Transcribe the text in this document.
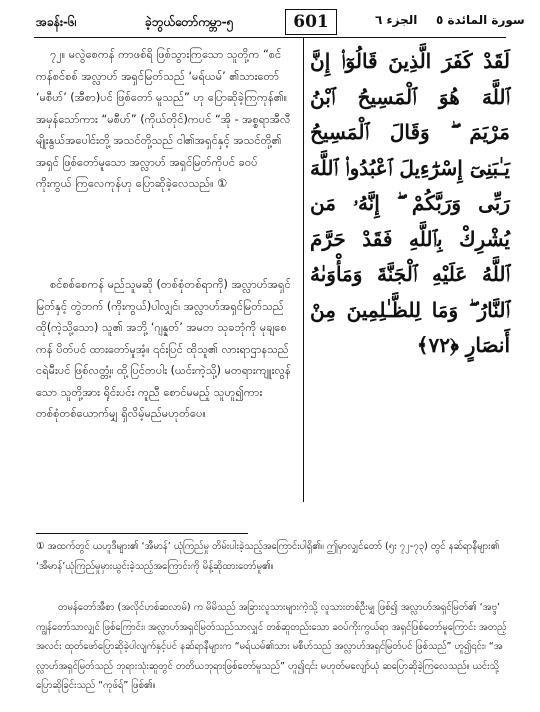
အခန်း-၆၊	ခဲ့ဘွယ်တော်ကမ္ဘာ-၅	601	الجزء ٦ سورة المائدة ٥
၇၂။ မလွဲစေကန် ကာဖစ်ရိ ဖြစ်သွားကြသော သူတို့က “စင်ကန်စင်စစ် အလ္လာဟ် အရှင်မြတ်သည် ‘မရ်ယမ်’ ၏သားတော် ‘မစီဟ်’ (အီစာ)ပင် ဖြစ်တော် မူသည်” ဟု ပြောဆိုခဲ့ကြကုန်၏။ အမှန်သော်ကား “မစီဟ်” (ကိုယ်တိုင်)ကပင် “အို - အစ္စရာအီလီ မျိုးနွယ်အပေါင်းတို့ အသင်တို့သည် ငါ၏အရှင်နှင့် အသင်တို့၏ အရှင် ဖြစ်တော်မူသော အလ္လာဟ် အရှင်မြတ်ကိုပင် ခဝပ်ကိုးကွယ် ကြလေကုန်ဟု ပြောဆိုခဲ့လေသည်။ ①
စင်စစ်စေကန် မည်သူမဆို (တစ်စုံတစ်ရာကို) အလ္လာဟ်အရှင်မြတ်နှင့် တွဲဘက် (ကိုးကွယ်)ပါလျှင်၊ အလ္လာဟ်အရှင်မြတ်သည် ထို(ကဲ့သို့သော) သူ၏ အဘို့ ‘ဂျန္နတ်’ အမတ သုခဘုံကို မုချစေကန် ပိတ်ပင် ထားတော်မူအံ့။ ၎င်းပြင် ထိုသူ၏ လားရာဌာနသည် ငရဲမီးပင် ဖြစ်လတ္တံ့။ ထို့ပြင်တပါး (ယင်းကဲ့သို့) မတရားကျူးလွန်သော သူတို့အား ရိုင်းပင်း ကူညီ စောင်မမည့် သူဟူ၍ကား တစ်စုံတစ်ယောက်မျှ ရှိလိမ့်မည်မဟုတ်ပေ။
لَقَدْ كَفَرَ الَّذِينَ قَالُوٓا۟ إِنَّ ٱللَّهَ هُوَ ٱلْمَسِيحُ ٱبْنُ مَرْيَمَ ۖ وَقَالَ ٱلْمَسِيحُ يَـٰبَنِىٓ إِسْرَٰٓءِيلَ ٱعْبُدُوا۟ ٱللَّهَ رَبِّى وَرَبَّكُمْ ۖ إِنَّهُۥ مَن يُشْرِكْ بِٱللَّهِ فَقَدْ حَرَّمَ ٱللَّهُ عَلَيْهِ ٱلْجَنَّةَ وَمَأْوَىٰهُ ٱلنَّارُ ۖ وَمَا لِلظَّـٰلِمِينَ مِنْ أَنصَارٍ ﴿٧٢﴾
① အထက်တွင် ယဟူဒီများ၏ ‘အီမာန်’ ယုံကြည်မှု တိမ်းပါးခဲ့သည့်အကြောင်းပါရှိ၏။ ဤမှာလျှင်တော် (၅း ၇၂-၇၃) တွင် နဆ်ရာနီများ၏ ‘အီမာန်’ယုံကြည်မှုမှားယွင်းခဲ့သည့်အကြောင်းကို မိန့်ဆိုထားတော်မူ၏။
တမန်တော်အီစာ (အလိုင်ဟစ်ဆလာမ်) က မိမိသည် အခြားလူသားများကဲ့သို့ လူသားတစ်ဦးမျှ ဖြစ်၍ အလ္လာဟ်အရှင်မြတ်၏ ‘အဗ္ဒ’ ကျွန်တော်သာလျှင် ဖြစ်ကြောင်း၊ အလ္လာဟ်အရှင်မြတ်သည်သာလျှင် တစ်ဆူတည်းသော ခဝပ်ကိုးကွယ်ရာ အရှင်ဖြစ်တော်မူကြောင်း အတည့်အလင်း ထုတ်ဖော်ပြောဆိုခဲ့ပါလျက်နှင့်ပင် နဆ်ရာနီများက “မရ်ယမ်၏သား မစီဟ်သည် အလ္လာဟ်အရှင်မြတ်ပင် ဖြစ်သည်” ဟူ၍၎င်း၊ “အလ္လာဟ်အရှင်မြတ်သည် ဘုရားသုံးဆူတွင် တတိယဘုရားဖြစ်တော်မူသည်” ဟူ၍၎င်း မဟုတ်မလျော်ယုံ ဆပြောဆိုခဲ့ကြလေသည်။ ယင်းသို့ ပြောဆိုခြင်းသည် “ကုဖ်ရ်” ဖြစ်၏။
